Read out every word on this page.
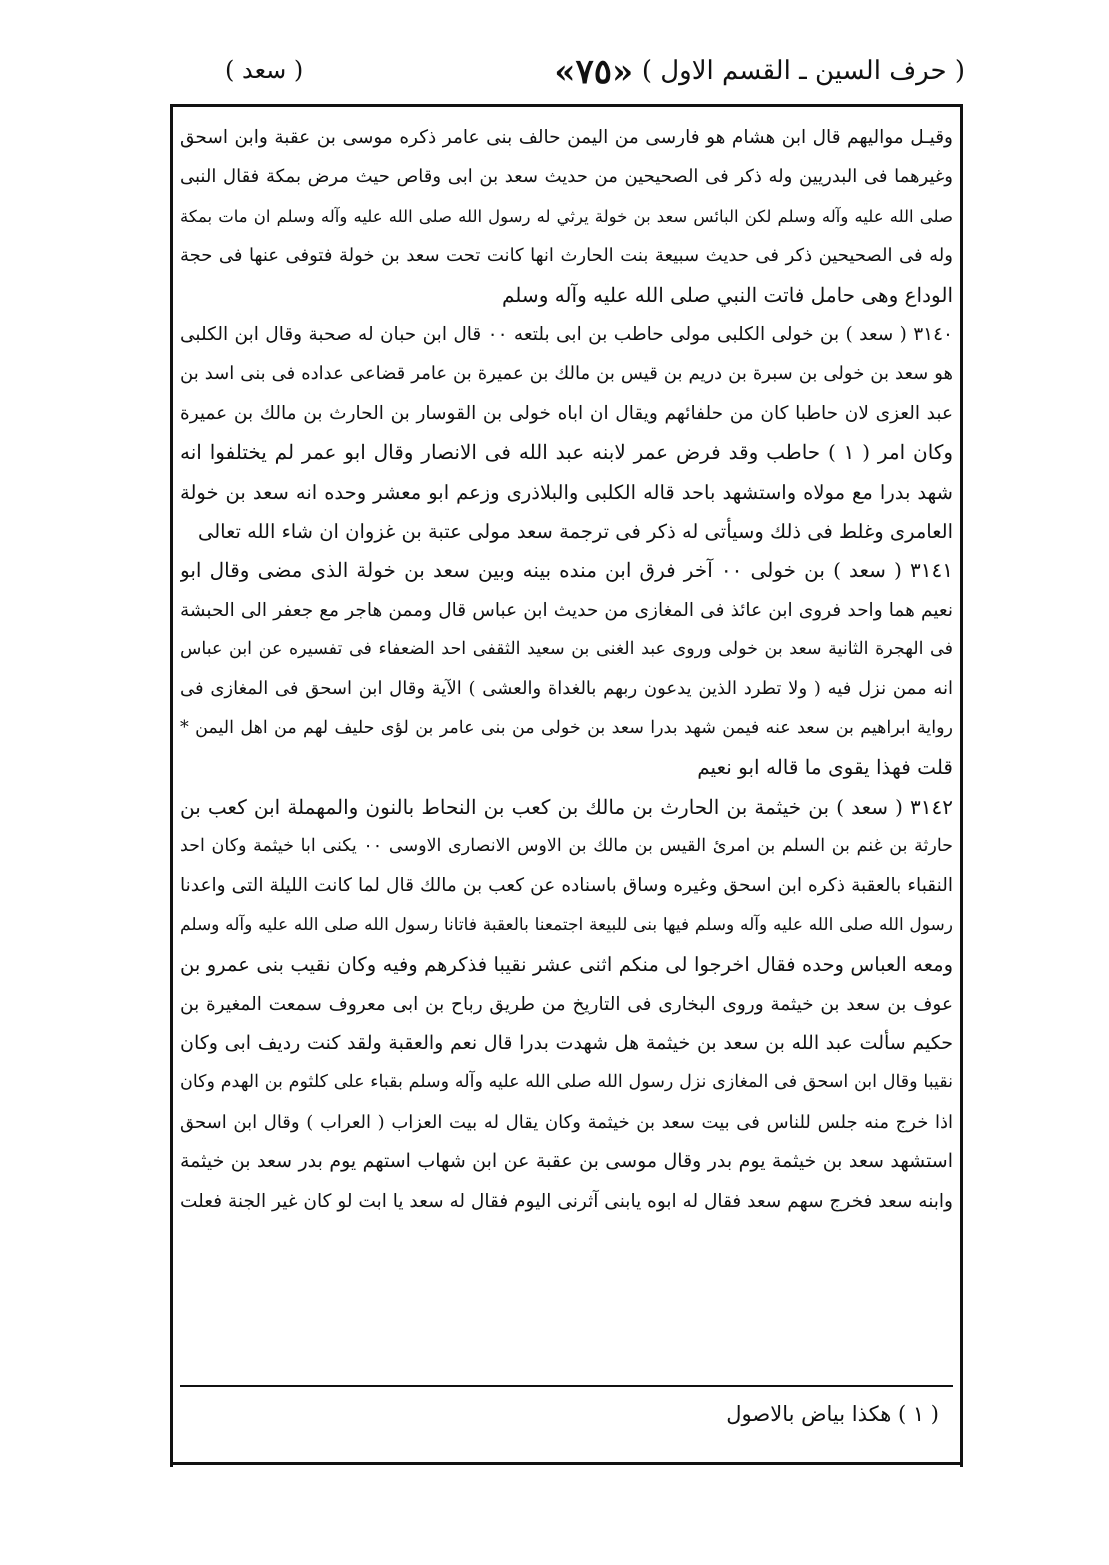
( حرف السين ـ القسم الاول )
«٧٥»
( سعد )
وقيـل مواليهم قال ابن هشام هو فارسى من اليمن حالف بنى عامر ذكره موسى بن عقبة وابن اسحق
وغيرهما فى البدريين وله ذكر فى الصحيحين من حديث سعد بن ابى وقاص حيث مرض بمكة فقال النبى
صلى الله عليه وآله وسلم لكن البائس سعد بن خولة يرثي له رسول الله صلى الله عليه وآله وسلم ان مات بمكة
وله فى الصحيحين ذكر فى حديث سبيعة بنت الحارث انها كانت تحت سعد بن خولة فتوفى عنها فى حجة
الوداع وهى حامل فاتت النبي صلى الله عليه وآله وسلم
٣١٤٠ ( سعد ) بن خولى الكلبى مولى حاطب بن ابى بلتعه ٠٠ قال ابن حبان له صحبة وقال ابن الكلبى
هو سعد بن خولى بن سبرة بن دريم بن قيس بن مالك بن عميرة بن عامر قضاعى عداده فى بنى اسد بن
عبد العزى لان حاطبا كان من حلفائهم ويقال ان اباه خولى بن القوسار بن الحارث بن مالك بن عميرة
وكان امر ( ١ ) حاطب وقد فرض عمر لابنه عبد الله فى الانصار وقال ابو عمر لم يختلفوا انه
شهد بدرا مع مولاه واستشهد باحد قاله الكلبى والبلاذرى وزعم ابو معشر وحده انه سعد بن خولة
العامرى وغلط فى ذلك وسيأتى له ذكر فى ترجمة سعد مولى عتبة بن غزوان ان شاء الله تعالى
٣١٤١ ( سعد ) بن خولى ٠٠ آخر فرق ابن منده بينه وبين سعد بن خولة الذى مضى وقال ابو
نعيم هما واحد فروى ابن عائذ فى المغازى من حديث ابن عباس قال وممن هاجر مع جعفر الى الحبشة
فى الهجرة الثانية سعد بن خولى وروى عبد الغنى بن سعيد الثقفى احد الضعفاء فى تفسيره عن ابن عباس
انه ممن نزل فيه ( ولا تطرد الذين يدعون ربهم بالغداة والعشى ) الآية وقال ابن اسحق فى المغازى فى
رواية ابراهيم بن سعد عنه فيمن شهد بدرا سعد بن خولى من بنى عامر بن لؤى حليف لهم من اهل اليمن *
قلت فهذا يقوى ما قاله ابو نعيم
٣١٤٢ ( سعد ) بن خيثمة بن الحارث بن مالك بن كعب بن النحاط بالنون والمهملة ابن كعب بن
حارثة بن غنم بن السلم بن امرئ القيس بن مالك بن الاوس الانصارى الاوسى ٠٠ يكنى ابا خيثمة وكان احد
النقباء بالعقبة ذكره ابن اسحق وغيره وساق باسناده عن كعب بن مالك قال لما كانت الليلة التى واعدنا
رسول الله صلى الله عليه وآله وسلم فيها بنى للبيعة اجتمعنا بالعقبة فاتانا رسول الله صلى الله عليه وآله وسلم
ومعه العباس وحده فقال اخرجوا لى منكم اثنى عشر نقيبا فذكرهم وفيه وكان نقيب بنى عمرو بن
عوف بن سعد بن خيثمة وروى البخارى فى التاريخ من طريق رباح بن ابى معروف سمعت المغيرة بن
حكيم سألت عبد الله بن سعد بن خيثمة هل شهدت بدرا قال نعم والعقبة ولقد كنت رديف ابى وكان
نقيبا وقال ابن اسحق فى المغازى نزل رسول الله صلى الله عليه وآله وسلم بقباء على كلثوم بن الهدم وكان
اذا خرج منه جلس للناس فى بيت سعد بن خيثمة وكان يقال له بيت العزاب ( العراب ) وقال ابن اسحق
استشهد سعد بن خيثمة يوم بدر وقال موسى بن عقبة عن ابن شهاب استهم يوم بدر سعد بن خيثمة
وابنه سعد فخرج سهم سعد فقال له ابوه يابنى آثرنى اليوم فقال له سعد يا ابت لو كان غير الجنة فعلت
( ١ ) هكذا بياض بالاصول
